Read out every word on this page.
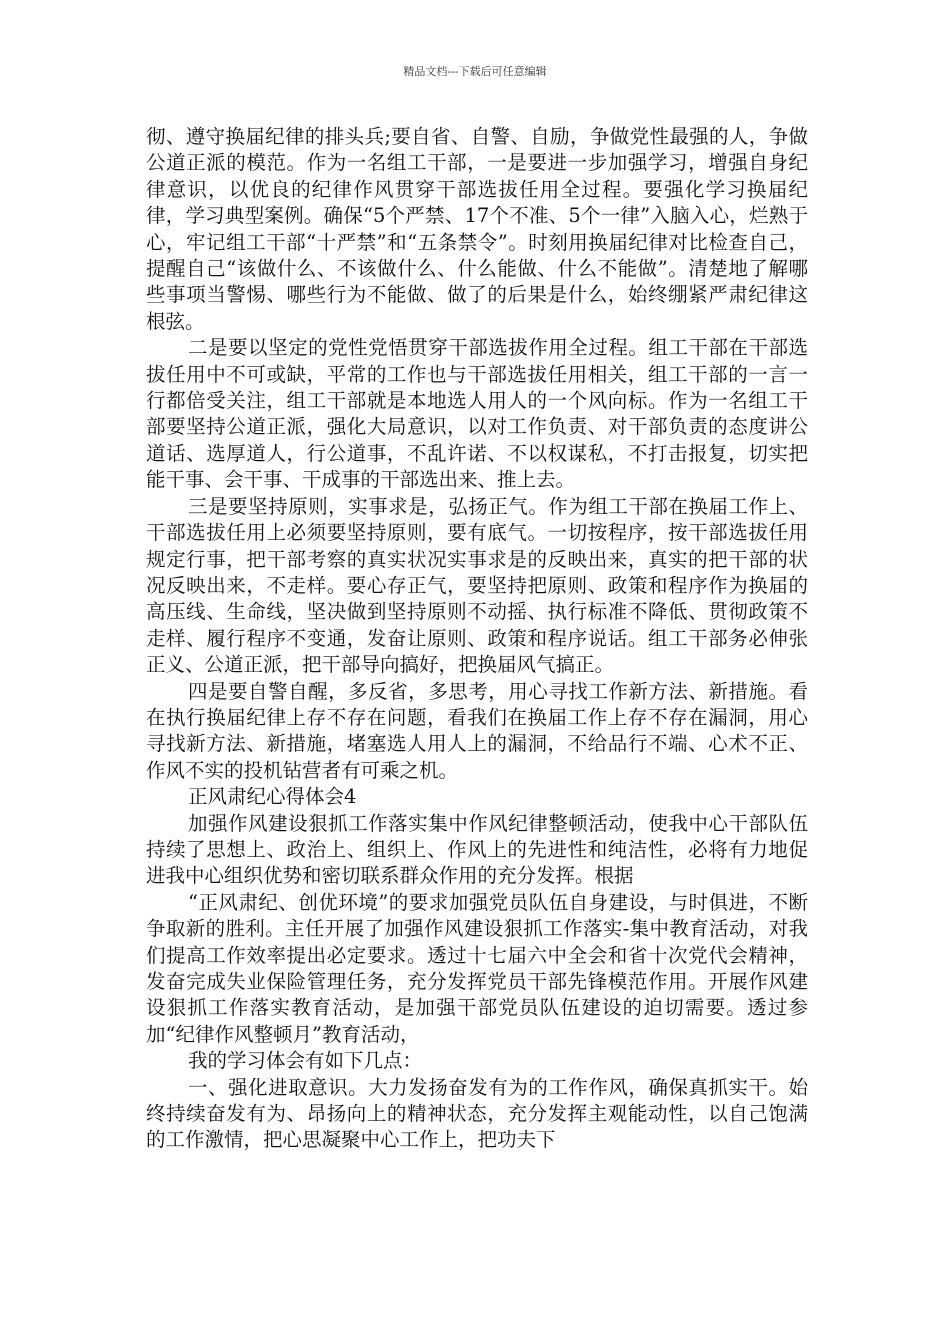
精品文档---下载后可任意编辑

彻、遵守换届纪律的排头兵;要自省、自警、自励，争做党性最强的人，争做公道正派的模范。作为一名组工干部，一是要进一步加强学习，增强自身纪律意识，以优良的纪律作风贯穿干部选拔任用全过程。要强化学习换届纪律，学习典型案例。确保“5个严禁、17个不准、5个一律”入脑入心，烂熟于心，牢记组工干部“十严禁”和“五条禁令”。时刻用换届纪律对比检查自己，提醒自己“该做什么、不该做什么、什么能做、什么不能做”。清楚地了解哪些事项当警惕、哪些行为不能做、做了的后果是什么，始终绷紧严肃纪律这根弦。

二是要以坚定的党性党悟贯穿干部选拔作用全过程。组工干部在干部选拔任用中不可或缺，平常的工作也与干部选拔任用相关，组工干部的一言一行都倍受关注，组工干部就是本地选人用人的一个风向标。作为一名组工干部要坚持公道正派，强化大局意识，以对工作负责、对干部负责的态度讲公道话、选厚道人，行公道事，不乱许诺、不以权谋私，不打击报复，切实把能干事、会干事、干成事的干部选出来、推上去。

三是要坚持原则，实事求是，弘扬正气。作为组工干部在换届工作上、干部选拔任用上必须要坚持原则，要有底气。一切按程序，按干部选拔任用规定行事，把干部考察的真实状况实事求是的反映出来，真实的把干部的状况反映出来，不走样。要心存正气，要坚持把原则、政策和程序作为换届的高压线、生命线，坚决做到坚持原则不动摇、执行标准不降低、贯彻政策不走样、履行程序不变通，发奋让原则、政策和程序说话。组工干部务必伸张正义、公道正派，把干部导向搞好，把换届风气搞正。

四是要自警自醒，多反省，多思考，用心寻找工作新方法、新措施。看在执行换届纪律上存不存在问题，看我们在换届工作上存不存在漏洞，用心寻找新方法、新措施，堵塞选人用人上的漏洞，不给品行不端、心术不正、作风不实的投机钻营者有可乘之机。

正风肃纪心得体会4

加强作风建设狠抓工作落实集中作风纪律整顿活动，使我中心干部队伍持续了思想上、政治上、组织上、作风上的先进性和纯洁性，必将有力地促进我中心组织优势和密切联系群众作用的充分发挥。根据

“正风肃纪、创优环境”的要求加强党员队伍自身建设，与时俱进，不断争取新的胜利。主任开展了加强作风建设狠抓工作落实-集中教育活动，对我们提高工作效率提出必定要求。透过十七届六中全会和省十次党代会精神，发奋完成失业保险管理任务，充分发挥党员干部先锋模范作用。开展作风建设狠抓工作落实教育活动，是加强干部党员队伍建设的迫切需要。透过参加“纪律作风整顿月”教育活动，

我的学习体会有如下几点：

一、强化进取意识。大力发扬奋发有为的工作作风，确保真抓实干。始终持续奋发有为、昂扬向上的精神状态，充分发挥主观能动性，以自己饱满的工作激情，把心思凝聚中心工作上，把功夫下
